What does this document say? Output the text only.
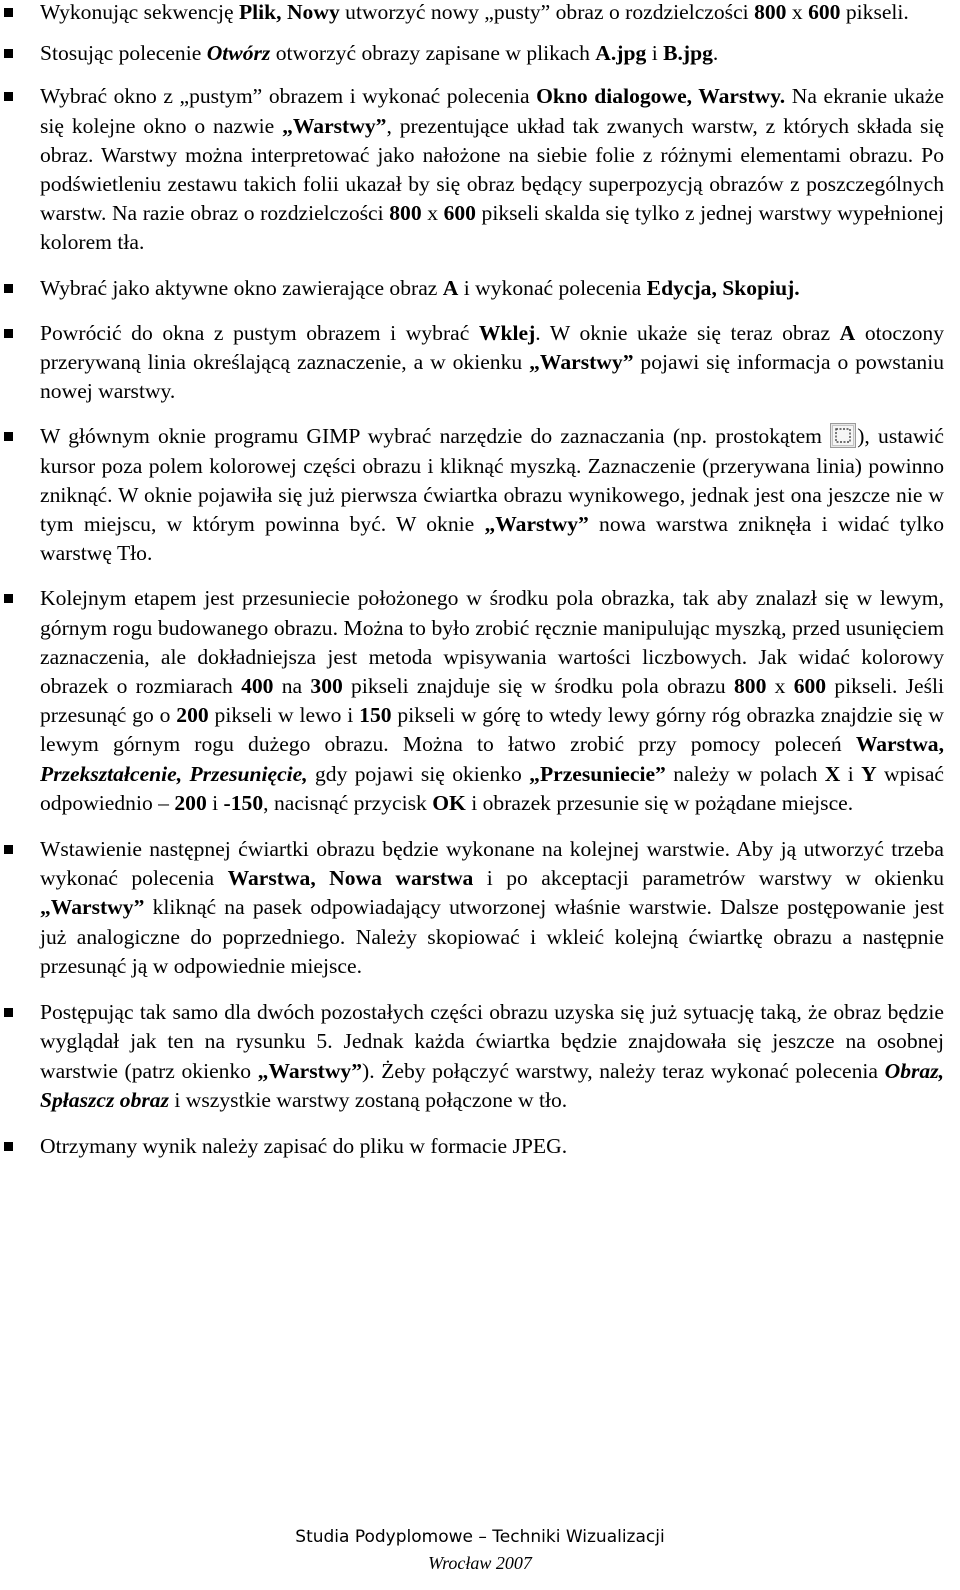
Wykonując sekwencję Plik, Nowy utworzyć nowy „pusty” obraz o rozdzielczości 800 x 600 pikseli.
Stosując polecenie Otwórz otworzyć obrazy zapisane w plikach A.jpg i B.jpg.
Wybrać okno z „pustym” obrazem i wykonać polecenia Okno dialogowe, Warstwy. Na ekranie ukaże się kolejne okno o nazwie „Warstwy”, prezentujące układ tak zwanych warstw, z których składa się obraz. Warstwy można interpretować jako nałożone na siebie folie z różnymi elementami obrazu. Po podświetleniu zestawu takich folii ukazał by się obraz będący superpozycją obrazów z poszczególnych warstw. Na razie obraz o rozdzielczości 800 x 600 pikseli skalda się tylko z jednej warstwy wypełnionej kolorem tła.
Wybrać jako aktywne okno zawierające obraz A i wykonać polecenia Edycja, Skopiuj.
Powrócić do okna z pustym obrazem i wybrać Wklej. W oknie ukaże się teraz obraz A otoczony przerywaną linia określającą zaznaczenie, a w okienku „Warstwy” pojawi się informacja o powstaniu nowej warstwy.
W głównym oknie programu GIMP wybrać narzędzie do zaznaczania (np. prostokątem ), ustawić kursor poza polem kolorowej części obrazu i kliknąć myszką. Zaznaczenie (przerywana linia) powinno zniknąć. W oknie pojawiła się już pierwsza ćwiartka obrazu wynikowego, jednak jest ona jeszcze nie w tym miejscu, w którym powinna być. W oknie „Warstwy” nowa warstwa zniknęła i widać tylko warstwę Tło.
Kolejnym etapem jest przesuniecie położonego w środku pola obrazka, tak aby znalazł się w lewym, górnym rogu budowanego obrazu. Można to było zrobić ręcznie manipulując myszką, przed usunięciem zaznaczenia, ale dokładniejsza jest metoda wpisywania wartości liczbowych. Jak widać kolorowy obrazek o rozmiarach 400 na 300 pikseli znajduje się w środku pola obrazu 800 x 600 pikseli. Jeśli przesunąć go o 200 pikseli w lewo i 150 pikseli w górę to wtedy lewy górny róg obrazka znajdzie się w lewym górnym rogu dużego obrazu. Można to łatwo zrobić przy pomocy poleceń Warstwa, Przekształcenie, Przesunięcie, gdy pojawi się okienko „Przesuniecie” należy w polach X i Y wpisać odpowiednio – 200 i -150, nacisnąć przycisk OK i obrazek przesunie się w pożądane miejsce.
Wstawienie następnej ćwiartki obrazu będzie wykonane na kolejnej warstwie. Aby ją utworzyć trzeba wykonać polecenia Warstwa, Nowa warstwa i po akceptacji parametrów warstwy w okienku „Warstwy” kliknąć na pasek odpowiadający utworzonej właśnie warstwie. Dalsze postępowanie jest już analogiczne do poprzedniego. Należy skopiować i wkleić kolejną ćwiartkę obrazu a następnie przesunąć ją w odpowiednie miejsce.
Postępując tak samo dla dwóch pozostałych części obrazu uzyska się już sytuację taką, że obraz będzie wyglądał jak ten na rysunku 5. Jednak każda ćwiartka będzie znajdowała się jeszcze na osobnej warstwie (patrz okienko „Warstwy”). Żeby połączyć warstwy, należy teraz wykonać polecenia Obraz, Spłaszcz obraz i wszystkie warstwy zostaną połączone w tło.
Otrzymany wynik należy zapisać do pliku w formacie JPEG.
Studia Podyplomowe – Techniki Wizualizacji
Wrocław 2007
